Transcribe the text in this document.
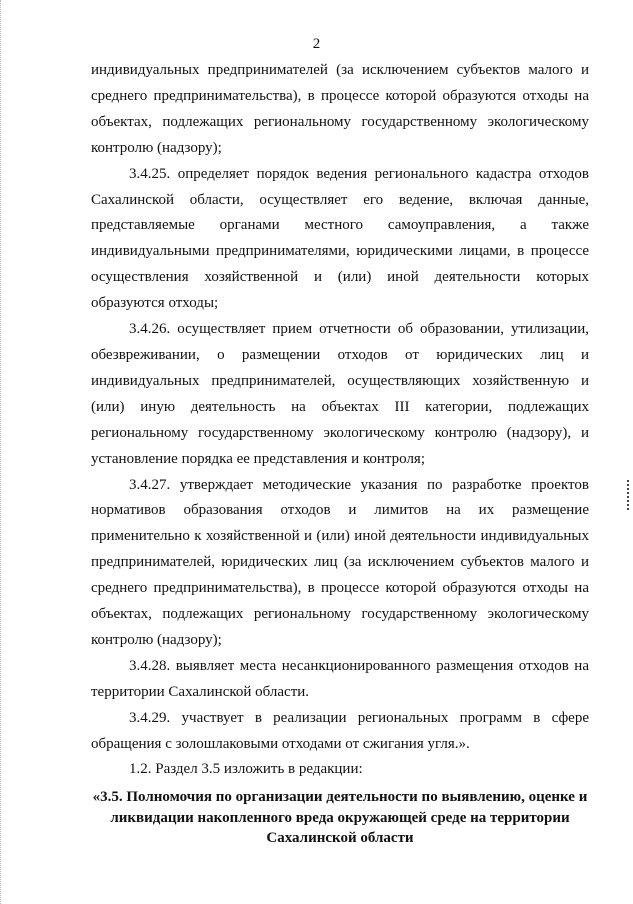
2

индивидуальных предпринимателей (за исключением субъектов малого и среднего предпринимательства), в процессе которой образуются отходы на объектах, подлежащих региональному государственному экологическому контролю (надзору);

3.4.25. определяет порядок ведения регионального кадастра отходов Сахалинской области, осуществляет его ведение, включая данные, представляемые органами местного самоуправления, а также индивидуальными предпринимателями, юридическими лицами, в процессе осуществления хозяйственной и (или) иной деятельности которых образуются отходы;

3.4.26. осуществляет прием отчетности об образовании, утилизации, обезвреживании, о размещении отходов от юридических лиц и индивидуальных предпринимателей, осуществляющих хозяйственную и (или) иную деятельность на объектах III категории, подлежащих региональному государственному экологическому контролю (надзору), и установление порядка ее представления и контроля;

3.4.27. утверждает методические указания по разработке проектов нормативов образования отходов и лимитов на их размещение применительно к хозяйственной и (или) иной деятельности индивидуальных предпринимателей, юридических лиц (за исключением субъектов малого и среднего предпринимательства), в процессе которой образуются отходы на объектах, подлежащих региональному государственному экологическому контролю (надзору);

3.4.28. выявляет места несанкционированного размещения отходов на территории Сахалинской области.

3.4.29. участвует в реализации региональных программ в сфере обращения с золошлаковыми отходами от сжигания угля.».

1.2. Раздел 3.5 изложить в редакции:

«3.5. Полномочия по организации деятельности по выявлению, оценке и ликвидации накопленного вреда окружающей среде на территории Сахалинской области
